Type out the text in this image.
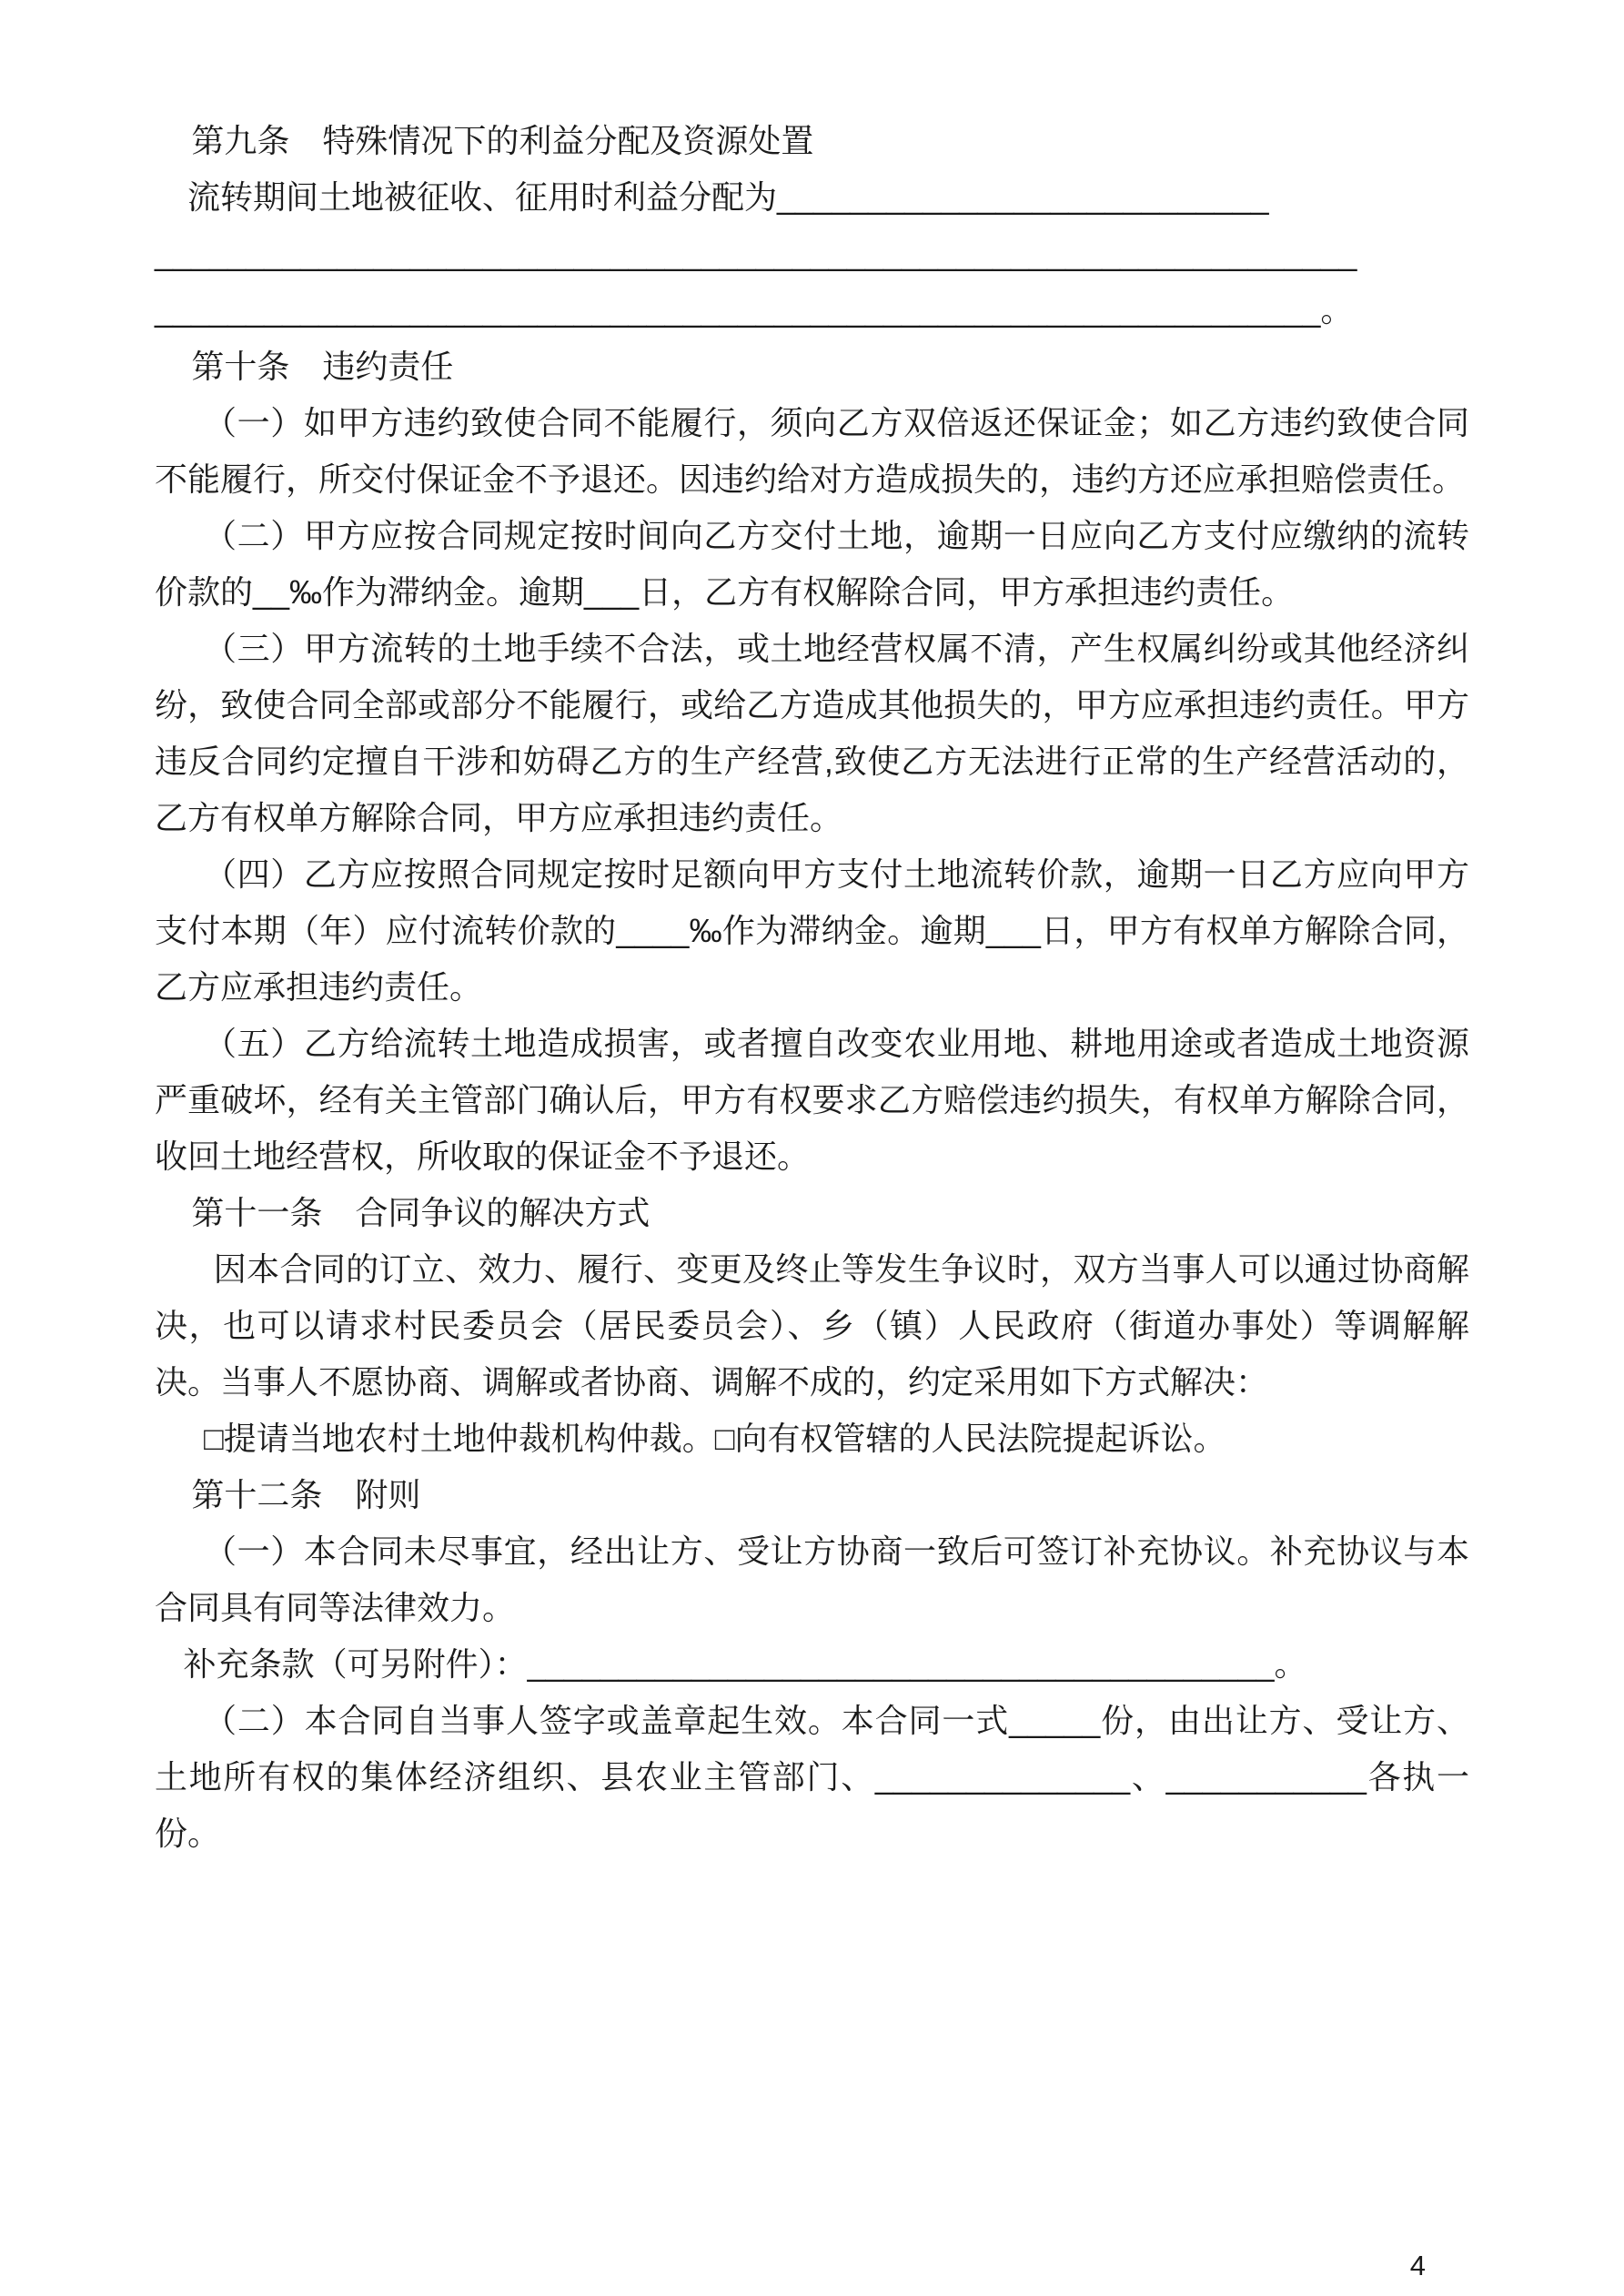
第九条　特殊情况下的利益分配及资源处置

流转期间土地被征收、征用时利益分配为___________________________

__________________________________________________________________

________________________________________________________________。

第十条　违约责任

（一）如甲方违约致使合同不能履行，须向乙方双倍返还保证金；如乙方违约致使合同不能履行，所交付保证金不予退还。因违约给对方造成损失的，违约方还应承担赔偿责任。

（二）甲方应按合同规定按时间向乙方交付土地，逾期一日应向乙方支付应缴纳的流转价款的__‰作为滞纳金。逾期___日，乙方有权解除合同，甲方承担违约责任。

（三）甲方流转的土地手续不合法，或土地经营权属不清，产生权属纠纷或其他经济纠纷，致使合同全部或部分不能履行，或给乙方造成其他损失的，甲方应承担违约责任。甲方违反合同约定擅自干涉和妨碍乙方的生产经营,致使乙方无法进行正常的生产经营活动的，乙方有权单方解除合同，甲方应承担违约责任。

（四）乙方应按照合同规定按时足额向甲方支付土地流转价款，逾期一日乙方应向甲方支付本期（年）应付流转价款的____‰作为滞纳金。逾期___日，甲方有权单方解除合同，乙方应承担违约责任。

（五）乙方给流转土地造成损害，或者擅自改变农业用地、耕地用途或者造成土地资源严重破坏，经有关主管部门确认后，甲方有权要求乙方赔偿违约损失，有权单方解除合同，收回土地经营权，所收取的保证金不予退还。

第十一条　合同争议的解决方式

因本合同的订立、效力、履行、变更及终止等发生争议时，双方当事人可以通过协商解决，也可以请求村民委员会（居民委员会）、乡（镇）人民政府（街道办事处）等调解解决。当事人不愿协商、调解或者协商、调解不成的，约定采用如下方式解决：

□提请当地农村土地仲裁机构仲裁。□向有权管辖的人民法院提起诉讼。

第十二条　附则

（一）本合同未尽事宜，经出让方、受让方协商一致后可签订补充协议。补充协议与本合同具有同等法律效力。

补充条款（可另附件）：_________________________________________。

（二）本合同自当事人签字或盖章起生效。本合同一式_____份，由出让方、受让方、土地所有权的集体经济组织、县农业主管部门、______________、___________各执一份。

4
